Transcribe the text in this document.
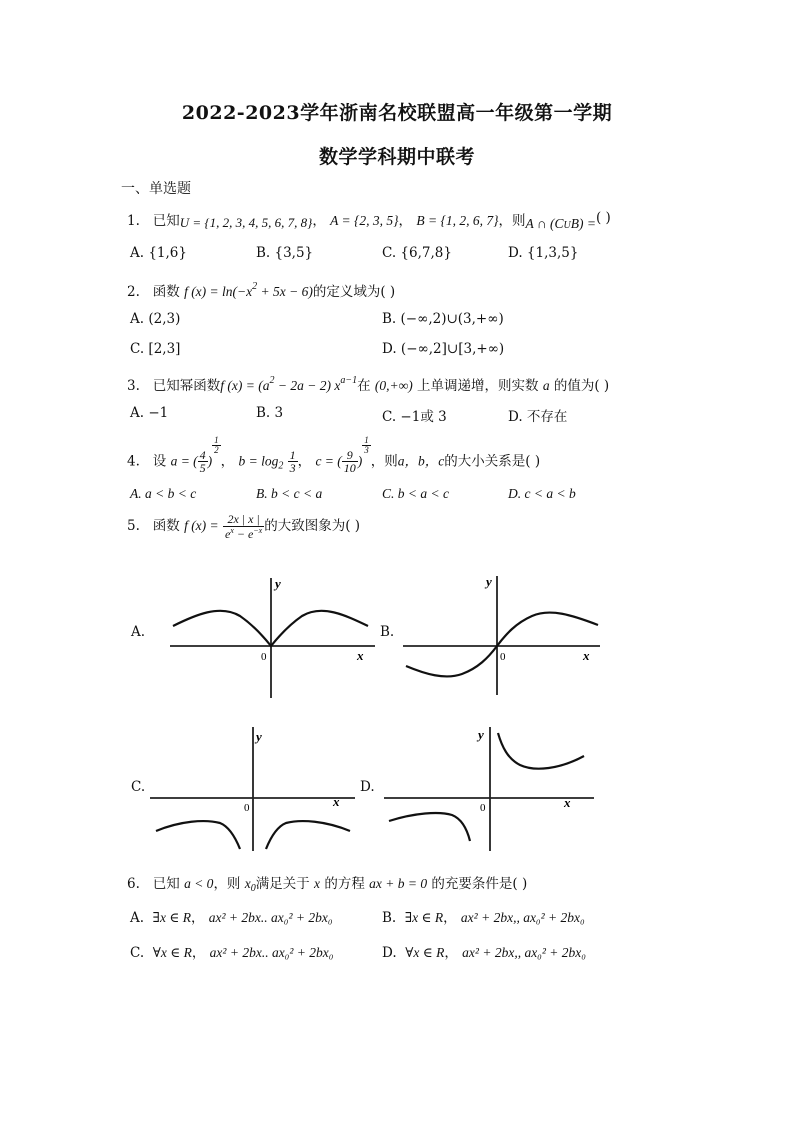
2022-2023学年浙南名校联盟高一年级第一学期
数学学科期中联考
一、单选题
1. 已知U = {1, 2, 3, 4, 5, 6, 7, 8}， A = {2, 3, 5}， B = {1, 2, 6, 7}，则A ∩ $(C_UB)$ =( )
A. {1,6}	B. {3,5}	C. {6,7,8}	D. {1,3,5}
2. 函数 f $(x) = \ln(-x^2 + 5x - 6)$的定义域为( )
A. (2,3)	B. (−∞,2)∪(3,+∞)
C. [2,3]	D. (−∞,2]∪[3,+∞)
3. 已知幂函数f $(x) = (a^2 - 2a - 2)$ $x^{a-1}$在 (0,+∞) 上单调递增，则实数 a 的值为( )
A. −1	B. 3	C. −1或 3	D. 不存在
4. 设 a = ( $\frac{4}{5}$ )
$\frac{1}{2}$
， $b = \log_2 \frac{1}{3}$ ， c = ( $\frac{9}{10}$ )
$\frac{1}{3}$
，则a，b，c的大小关系是( )
A. a < b < c	B. b < c < a	C. b < a < c	D. c < a < b
5. 函数 f $(x) = \frac{2x | x |}{e^x - e^{-x}}$ 的大致图象为( )
A.	B.
C.	D.
y
x
0
y
x
0
y
x
0
y
x
0
6. 已知 a < 0，则 $x_0$满足关于 x 的方程 ax + b = 0 的充要条件是( )
A. ∃x ∈ R， ax² + 2bx.. ax₀² + 2bx₀	B. ∃x ∈ R， ax² + 2bx,, ax₀² + 2bx₀
C. ∀x ∈ R， ax² + 2bx.. ax₀² + 2bx₀	D. ∀x ∈ R， ax² + 2bx,, ax₀² + 2bx₀
